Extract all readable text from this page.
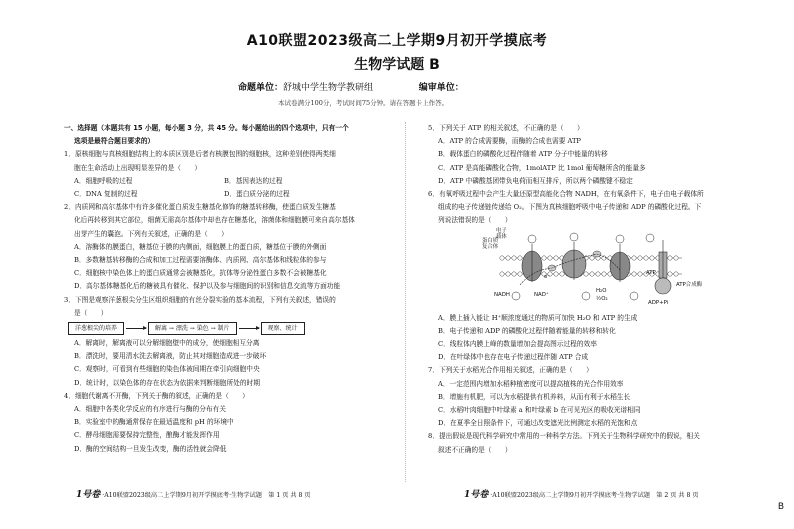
A10联盟2023级高二上学期9月初开学摸底考
生物学试题 B
命题单位：舒城中学生物学教研组	编审单位：
本试卷满分100分，考试时间75分钟。请在答题卡上作答。
一、选择题（本题共有 15 小题，每小题 3 分，共 45 分。每小题给出的四个选项中，只有一个
选项是最符合题目要求的）
1．原核细胞与真核细胞结构上的本质区别是后者有核膜包围的细胞核，这种差别使得两类细
胞在生命活动上出现明显差异的是（　　）
A．细胞呼吸的过程	B．基因表达的过程
C．DNA 复制的过程	D．蛋白质分泌的过程
2．内质网和高尔基体中有许多催化蛋白质发生糖基化修饰的糖基转移酶，使蛋白质发生糖基
化后再转移到其它部位，细菌无需高尔基体中却也存在糖基化，溶菌体和细胞膜可来自高尔基体
出芽产生的囊泡。下列有关叙述，正确的是（　　）
A．溶酶体的膜蛋白，糖基位于膜的内侧面，细胞膜上的蛋白质，糖基位于膜的外侧面
B．多数糖基转移酶的合成和加工过程需要溶酶体、内质网、高尔基体和线粒体的参与
C．细胞核中染色体上的蛋白质通常会被糖基化，抗体等分泌性蛋白多数不会被糖基化
D．高尔基体糖基化后的糖被具有催化、保护以及参与细胞间的识别和信息交流等方面功能
3．下图是观察洋葱根尖分生区组织细胞的有丝分裂实验的基本流程，下列有关叙述，错误的
是（　　）
洋葱根尖的培养	解离 → 漂洗 → 染色 → 制片	观察、统计
A．解离时，解离液可以分解细胞壁中的成分，使细胞相互分离
B．漂洗时，要用清水洗去解离液，防止其对细胞造成进一步破坏
C．观察时，可看到有些细胞的染色体被间期在牵引向细胞中央
D．统计时，以染色体的存在状态为依据来判断细胞所处的时期
4．细胞代谢离不开酶，下列关于酶的叙述，正确的是（　　）
A．细胞中各类化学反应的有序进行与酶的分布有关
B．实验室中的酶通常保存在最适温度和 pH 的环境中
C．酵母细胞需要保持完整性，酿酶才能发挥作用
D．酶的空间结构一旦发生改变，酶的活性就会降低
5．下列关于 ATP 的相关叙述，不正确的是（　　）
A．ATP 的合成需要酶，而酶的合成也需要 ATP
B．载体蛋白的磷酸化过程伴随着 ATP 分子中能量的转移
C．ATP 是高能磷酸化合物，1molATP 比 1mol 葡萄糖所含的能量多
D．ATP 中磷酸基团带负电荷而相互排斥，所以两个磷酸键不稳定
6．有氧呼吸过程中会产生大量还原型高能化合物 NADH，在有氧条件下，电子由电子载体所
组成的电子传递链传递给 O₂。下图为真核细胞呼吸中电子传递和 ADP 的磷酸化过程。下
列说法错误的是（　　）
蛋白质
复合体
电子
载体
NADH	NAD⁺
H₂O
½O₂
ADP+Pi
ATP合成酶
ATP
e⁻
A．膜上插入能让 H⁺顺浓度通过的物质可加快 H₂O 和 ATP 的生成
B．电子传递和 ADP 的磷酸化过程伴随着能量的转移和转化
C．线粒体内膜上峰的数量增加会提高图示过程的效率
D．在叶绿体中也存在电子传递过程伴随 ATP 合成
7．下列关于水稻光合作用相关叙述，正确的是（　　）
A．一定范围内增加水稻种植密度可以提高植株的光合作用效率
B．增施有机肥，可以为水稻提供有机养料，从而有利于水稻生长
C．水稻叶肉细胞中叶绿素 a 和叶绿素 b 在可见光区的吸收光谱相同
D．在夏季全日照条件下，可通过改变遮光比例测定水稻的光饱和点
8．提出假说是现代科学研究中常用的一种科学方法。下列关于生物科学研究中的假说，相关
叙述不正确的是（　　）
1号卷 ·A10联盟2023级高二上学期9月初开学摸底考·生物学试题　第 1 页 共 8 页	1号卷 ·A10联盟2023级高二上学期9月初开学摸底考·生物学试题　第 2 页 共 8 页
B
